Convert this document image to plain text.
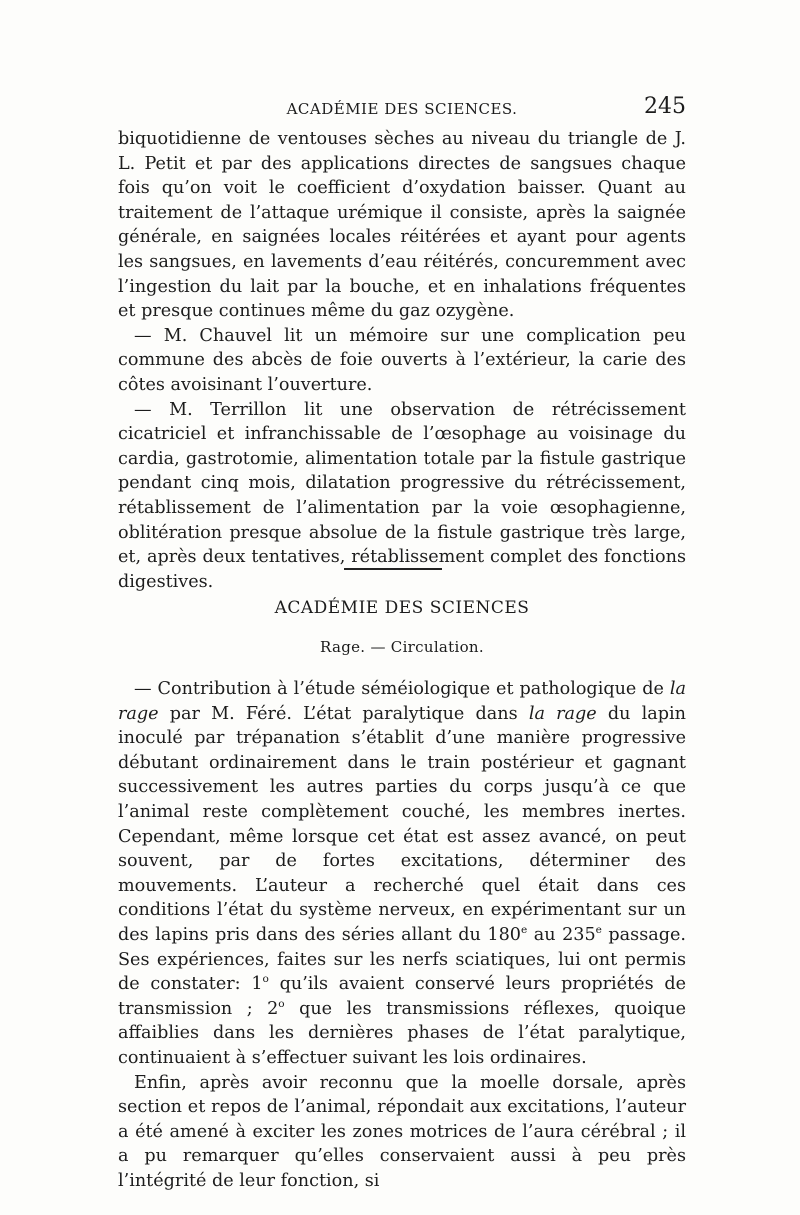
ACADÉMIE DES SCIENCES.	245

biquotidienne de ventouses sèches au niveau du triangle de J. L. Petit et par des applications directes de sangsues chaque fois qu’on voit le coefficient d’oxydation baisser. Quant au traitement de l’attaque urémique il consiste, après la saignée générale, en saignées locales réitérées et ayant pour agents les sangsues, en lavements d’eau réitérés, concuremment avec l’ingestion du lait par la bouche, et en inhalations fréquentes et presque continues même du gaz ozygène.

— M. Chauvel lit un mémoire sur une complication peu commune des abcès de foie ouverts à l’extérieur, la carie des côtes avoisinant l’ouverture.

— M. Terrillon lit une observation de rétrécissement cicatriciel et infranchissable de l’œsophage au voisinage du cardia, gastrotomie, alimentation totale par la fistule gastrique pendant cinq mois, dilatation progressive du rétrécissement, rétablissement de l’alimentation par la voie œsophagienne, oblitération presque absolue de la fistule gastrique très large, et, après deux tentatives, rétablissement complet des fonctions digestives.

ACADÉMIE DES SCIENCES
Rage. — Circulation.

— Contribution à l’étude séméiologique et pathologique de la rage par M. Féré. L’état paralytique dans la rage du lapin inoculé par trépanation s’établit d’une manière progressive débutant ordinairement dans le train postérieur et gagnant successivement les autres parties du corps jusqu’à ce que l’animal reste complètement couché, les membres inertes. Cependant, même lorsque cet état est assez avancé, on peut souvent, par de fortes excitations, déterminer des mouvements. L’auteur a recherché quel était dans ces conditions l’état du système nerveux, en expérimentant sur un des lapins pris dans des séries allant du 180e au 235e passage. Ses expériences, faites sur les nerfs sciatiques, lui ont permis de constater: 1$^o$ qu’ils avaient conservé leurs propriétés de transmission ; 2$^o$ que les transmissions réflexes, quoique affaiblies dans les dernières phases de l’état paralytique, continuaient à s’effectuer suivant les lois ordinaires.

Enfin, après avoir reconnu que la moelle dorsale, après section et repos de l’animal, répondait aux excitations, l’auteur a été amené à exciter les zones motrices de l’aura cérébral ; il a pu remarquer qu’elles conservaient aussi à peu près l’intégrité de leur fonction, si
